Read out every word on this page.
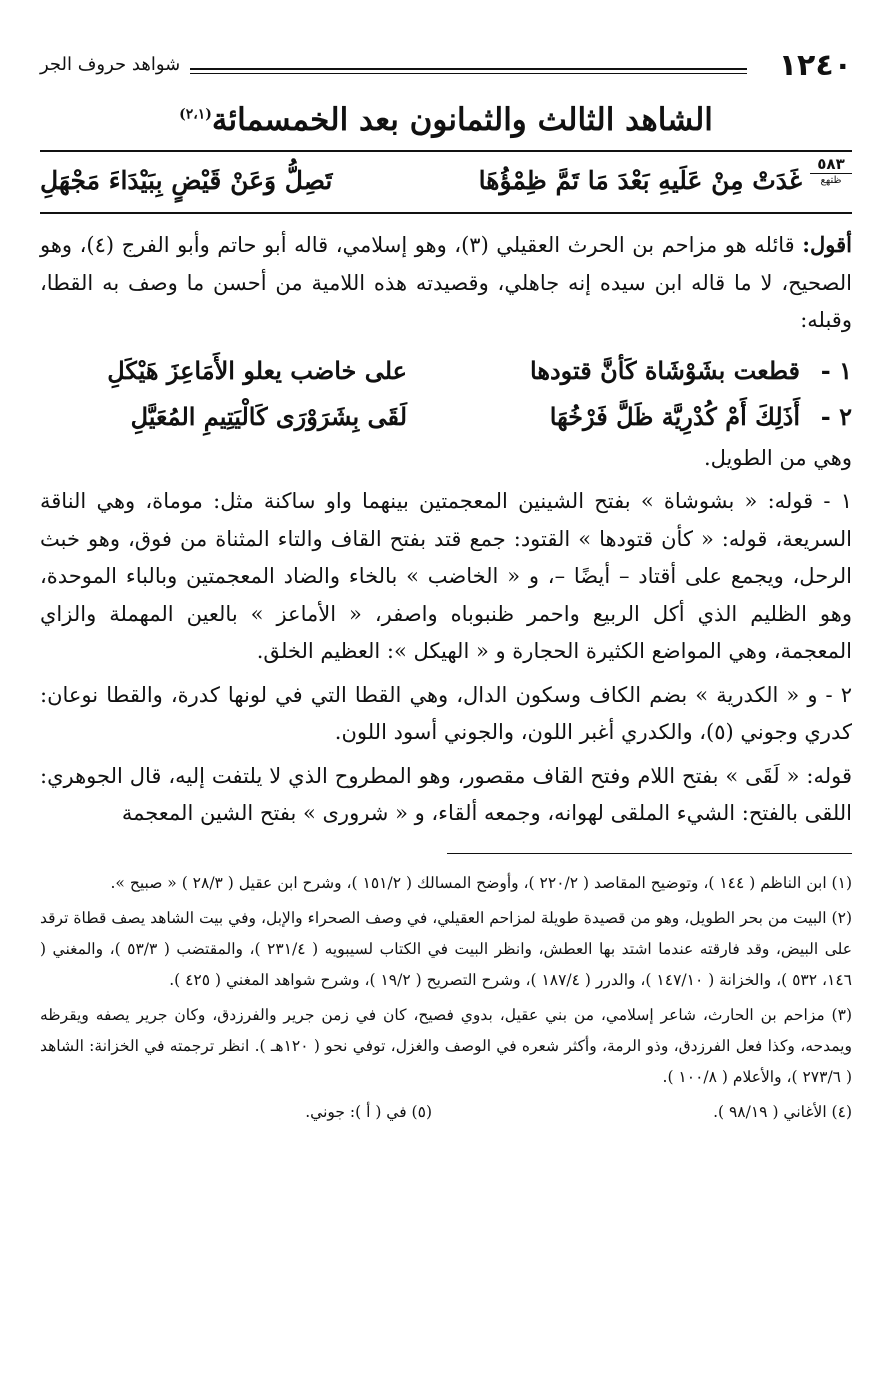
١٢٤٠
شواهد حروف الجر
الشاهد الثالث والثمانون بعد الخمسمائة$^{(٢،١)}$
٥٨٣
ظتهع
غَدَتْ مِنْ عَلَيهِ بَعْدَ مَا تَمَّ ظِمْؤُهَا
تَصِلُّ وَعَنْ قَيْضٍ بِبَيْدَاءَ مَجْهَلِ

أقول: قائله هو مزاحم بن الحرث العقيلي (٣)، وهو إسلامي، قاله أبو حاتم وأبو الفرج (٤)، وهو الصحيح، لا ما قاله ابن سيده إنه جاهلي، وقصيدته هذه اللامية من أحسن ما وصف به القطا، وقبله:

١ -
قطعت بشَوْشَاة كَأنَّ قتودها
على خاضب يعلو الأَمَاعِزَ هَيْكَلِ
٢ -
أَذَلِكَ أَمْ كُدْرِيَّة ظَلَّ فَرْخُهَا
لَقَى بِشَرَوْرَى كَالْيَتِيمِ المُعَيَّلِ

وهي من الطويل.

١ - قوله: « بشوشاة » بفتح الشينين المعجمتين بينهما واو ساكنة مثل: موماة، وهي الناقة السريعة، قوله: « كأن قتودها » القتود: جمع قتد بفتح القاف والتاء المثناة من فوق، وهو خبث الرحل، ويجمع على أقتاد – أيضًا –، و « الخاضب » بالخاء والضاد المعجمتين وبالباء الموحدة، وهو الظليم الذي أكل الربيع واحمر ظنبوباه واصفر، « الأماعز » بالعين المهملة والزاي المعجمة، وهي المواضع الكثيرة الحجارة و « الهيكل »: العظيم الخلق.

٢ - و « الكدرية » بضم الكاف وسكون الدال، وهي القطا التي في لونها كدرة، والقطا نوعان: كدري وجوني (٥)، والكدري أغبر اللون، والجوني أسود اللون.

قوله: « لَقَى » بفتح اللام وفتح القاف مقصور، وهو المطروح الذي لا يلتفت إليه، قال الجوهري: اللقى بالفتح: الشيء الملقى لهوانه، وجمعه ألقاء، و « شرورى » بفتح الشين المعجمة

(١) ابن الناظم ( ١٤٤ )، وتوضيح المقاصد ( ٢٢٠/٢ )، وأوضح المسالك ( ١٥١/٢ )، وشرح ابن عقيل ( ٢٨/٣ ) « صبيح ».

(٢) البيت من بحر الطويل، وهو من قصيدة طويلة لمزاحم العقيلي، في وصف الصحراء والإبل، وفي بيت الشاهد يصف قطاة ترقد على البيض، وقد فارقته عندما اشتد بها العطش، وانظر البيت في الكتاب لسيبويه ( ٢٣١/٤ )، والمقتضب ( ٥٣/٣ )، والمغني ( ١٤٦، ٥٣٢ )، والخزانة ( ١٤٧/١٠ )، والدرر ( ١٨٧/٤ )، وشرح التصريح ( ١٩/٢ )، وشرح شواهد المغني ( ٤٢٥ ).

(٣) مزاحم بن الحارث، شاعر إسلامي، من بني عقيل، بدوي فصيح، كان في زمن جرير والفرزدق، وكان جرير يصفه ويقرظه ويمدحه، وكذا فعل الفرزدق، وذو الرمة، وأكثر شعره في الوصف والغزل، توفي نحو ( ١٢٠هـ ). انظر ترجمته في الخزانة: الشاهد ( ٢٧٣/٦ )، والأعلام ( ١٠٠/٨ ).

(٤) الأغاني ( ٩٨/١٩ ).
(٥) في ( أ ): جوني.
